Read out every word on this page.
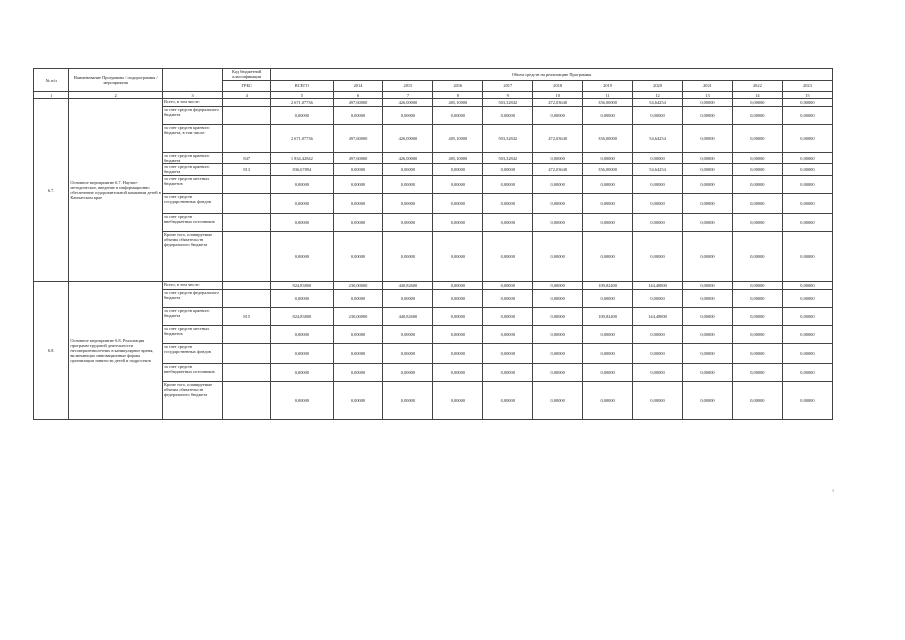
№ п/п	Наименование Программы / подпрограммы / мероприятия		Код бюджетной классификации	Объем средств на реализацию Программы										
			ГРБС	ВСЕГО	2014	2015	2016	2017	2018	2019	2020	2021	2022	2023
1	2	3	4	5	6	7	8	9	10	11	12	13	14	15
6.7.	Основное мероприятие 6.7. Научно-методическое, введение в информационно обеспечение оздоровительной кампании детей в Камчатском крае	Всего, в том числе:		2 671,07736	497,60000	426,00000	405,10000	503,32842	472,03640	356,00000	54,64254	0,00000	0,00000	0,00000
		за счет средств федерального бюджета		0,00000	0,00000	0,00000	0,00000	0,00000	0,00000	0,00000	0,00000	0,00000	0,00000	0,00000
		за счет средств краевого бюджета, в том числе:		2 671,07736	497,60000	426,00000	405,10000	503,32842	472,03640	356,00000	54,64254	0,00000	0,00000	0,00000
		за счет средств краевого бюджета	847	1 834,42842	497,60000	426,00000	405,10000	503,32842	0,00000	0,00000	0,00000	0,00000	0,00000	0,00000
		за счет средств краевого бюджета	813	836,67894	0,00000	0,00000	0,00000	0,00000	472,03640	356,00000	54,64254	0,00000	0,00000	0,00000
		за счет средств местных бюджетов		0,00000	0,00000	0,00000	0,00000	0,00000	0,00000	0,00000	0,00000	0,00000	0,00000	0,00000
		за счет средств государственных фондов		0,00000	0,00000	0,00000	0,00000	0,00000	0,00000	0,00000	0,00000	0,00000	0,00000	0,00000
		за счет средств внебюджетных источников		0,00000	0,00000	0,00000	0,00000	0,00000	0,00000	0,00000	0,00000	0,00000	0,00000	0,00000
		Кроме того, планируемые объемы обязательств федерального бюджета		0,00000	0,00000	0,00000	0,00000	0,00000	0,00000	0,00000	0,00000	0,00000	0,00000	0,00000
6.8.	Основное мероприятие 6.8. Реализация программ трудовой деятельности несовершеннолетних в каникулярное время, включающих инновационные формы организации занятости детей и подростков	Всего, в том числе:		824,83800	230,00000	440,82600	0,00000	0,00000	0,00000	109,82400	144,48800	0,00000	0,00000	0,00000
		за счет средств федерального бюджета		0,00000	0,00000	0,00000	0,00000	0,00000	0,00000	0,00000	0,00000	0,00000	0,00000	0,00000
		за счет средств краевого бюджета	815	824,83800	230,00000	440,82600	0,00000	0,00000	0,00000	109,82400	144,48800	0,00000	0,00000	0,00000
		за счет средств местных бюджетов		0,00000	0,00000	0,00000	0,00000	0,00000	0,00000	0,00000	0,00000	0,00000	0,00000	0,00000
		за счет средств государственных фондов		0,00000	0,00000	0,00000	0,00000	0,00000	0,00000	0,00000	0,00000	0,00000	0,00000	0,00000
		за счет средств внебюджетных источников		0,00000	0,00000	0,00000	0,00000	0,00000	0,00000	0,00000	0,00000	0,00000	0,00000	0,00000
		Кроме того, планируемые объемы обязательств федерального бюджета		0,00000	0,00000	0,00000	0,00000	0,00000	0,00000	0,00000	0,00000	0,00000	0,00000	0,00000
1
